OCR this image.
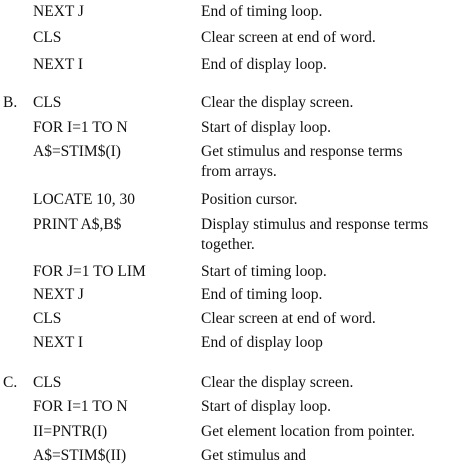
NEXT J	End of timing loop.
CLS	Clear screen at end of word.
NEXT I	End of display loop.
B.	CLS	Clear the display screen.
FOR I=1 TO N	Start of display loop.
A$=STIM$(I)	Get stimulus and response terms
from arrays.
LOCATE 10, 30	Position cursor.
PRINT A$,B$	Display stimulus and response terms
together.
FOR J=1 TO LIM	Start of timing loop.
NEXT J	End of timing loop.
CLS	Clear screen at end of word.
NEXT I	End of display loop
C.	CLS	Clear the display screen.
FOR I=1 TO N	Start of display loop.
II=PNTR(I)	Get element location from pointer.
A$=STIM$(II)	Get stimulus and
